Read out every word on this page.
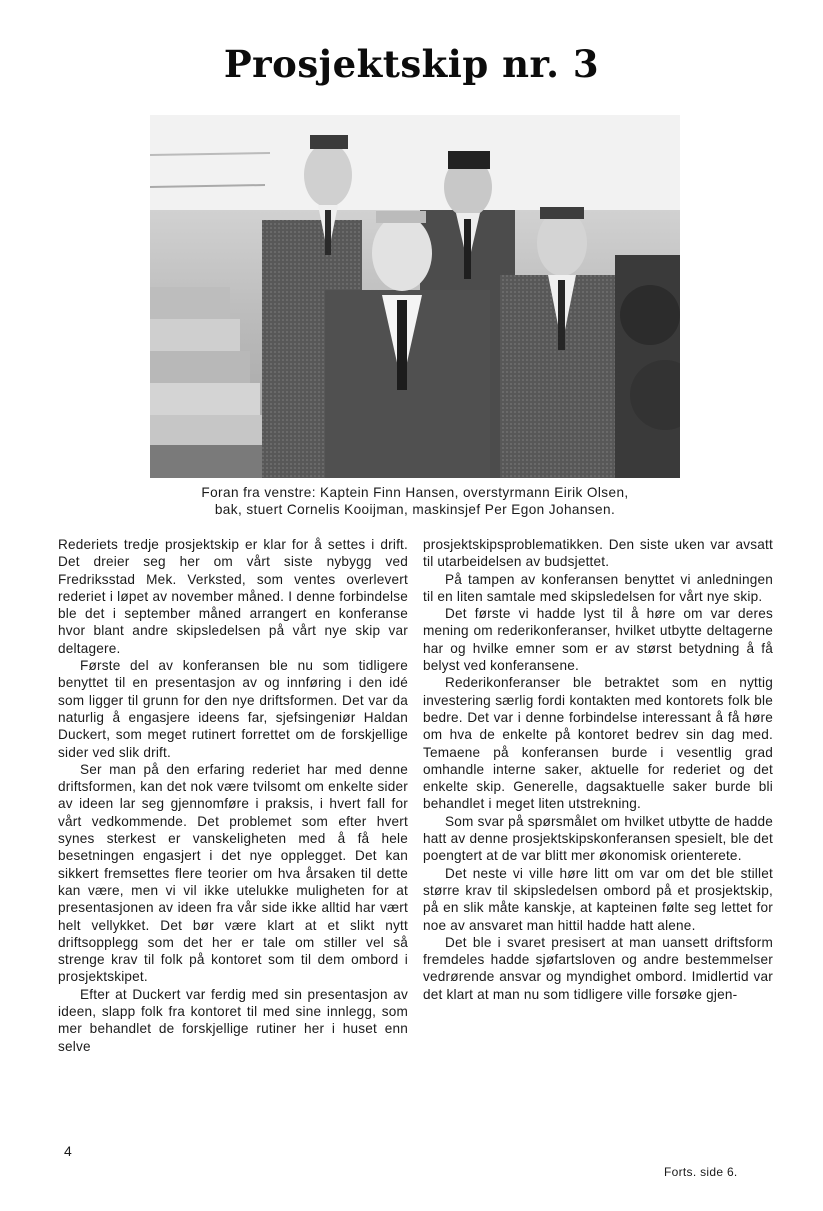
Prosjektskip nr. 3
Foran fra venstre: Kaptein Finn Hansen, overstyrmann Eirik Olsen,
bak, stuert Cornelis Kooijman, maskinsjef Per Egon Johansen.

Rederiets tredje prosjektskip er klar for å settes i drift. Det dreier seg her om vårt siste nybygg ved Fredriksstad Mek. Verksted, som ventes overlevert rederiet i løpet av november måned. I denne forbindelse ble det i september måned arrangert en konferanse hvor blant andre skipsledelsen på vårt nye skip var deltagere.

Første del av konferansen ble nu som tidligere benyttet til en presentasjon av og innføring i den idé som ligger til grunn for den nye driftsformen. Det var da naturlig å engasjere ideens far, sjefsingeniør Haldan Duckert, som meget rutinert forrettet om de forskjellige sider ved slik drift.

Ser man på den erfaring rederiet har med denne driftsformen, kan det nok være tvilsomt om enkelte sider av ideen lar seg gjennomføre i praksis, i hvert fall for vårt vedkommende. Det problemet som efter hvert synes sterkest er vanskeligheten med å få hele besetningen engasjert i det nye opplegget. Det kan sikkert fremsettes flere teorier om hva årsaken til dette kan være, men vi vil ikke utelukke muligheten for at presentasjonen av ideen fra vår side ikke alltid har vært helt vellykket. Det bør være klart at et slikt nytt driftsopplegg som det her er tale om stiller vel så strenge krav til folk på kontoret som til dem ombord i prosjektskipet.

Efter at Duckert var ferdig med sin presentasjon av ideen, slapp folk fra kontoret til med sine innlegg, som mer behandlet de forskjellige rutiner her i huset enn selve

prosjektskipsproblematikken. Den siste uken var avsatt til utarbeidelsen av budsjettet.

På tampen av konferansen benyttet vi anledningen til en liten samtale med skipsledelsen for vårt nye skip.

Det første vi hadde lyst til å høre om var deres mening om rederikonferanser, hvilket utbytte deltagerne har og hvilke emner som er av størst betydning å få belyst ved konferansene.

Rederikonferanser ble betraktet som en nyttig investering særlig fordi kontakten med kontorets folk ble bedre. Det var i denne forbindelse interessant å få høre om hva de enkelte på kontoret bedrev sin dag med. Temaene på konferansen burde i vesentlig grad omhandle interne saker, aktuelle for rederiet og det enkelte skip. Generelle, dagsaktuelle saker burde bli behandlet i meget liten utstrekning.

Som svar på spørsmålet om hvilket utbytte de hadde hatt av denne prosjektskipskonferansen spesielt, ble det poengtert at de var blitt mer økonomisk orienterete.

Det neste vi ville høre litt om var om det ble stillet større krav til skipsledelsen ombord på et prosjektskip, på en slik måte kanskje, at kapteinen følte seg lettet for noe av ansvaret man hittil hadde hatt alene.

Det ble i svaret presisert at man uansett driftsform fremdeles hadde sjøfartsloven og andre bestemmelser vedrørende ansvar og myndighet ombord. Imidlertid var det klart at man nu som tidligere ville forsøke gjen-

Forts. side 6.
4
